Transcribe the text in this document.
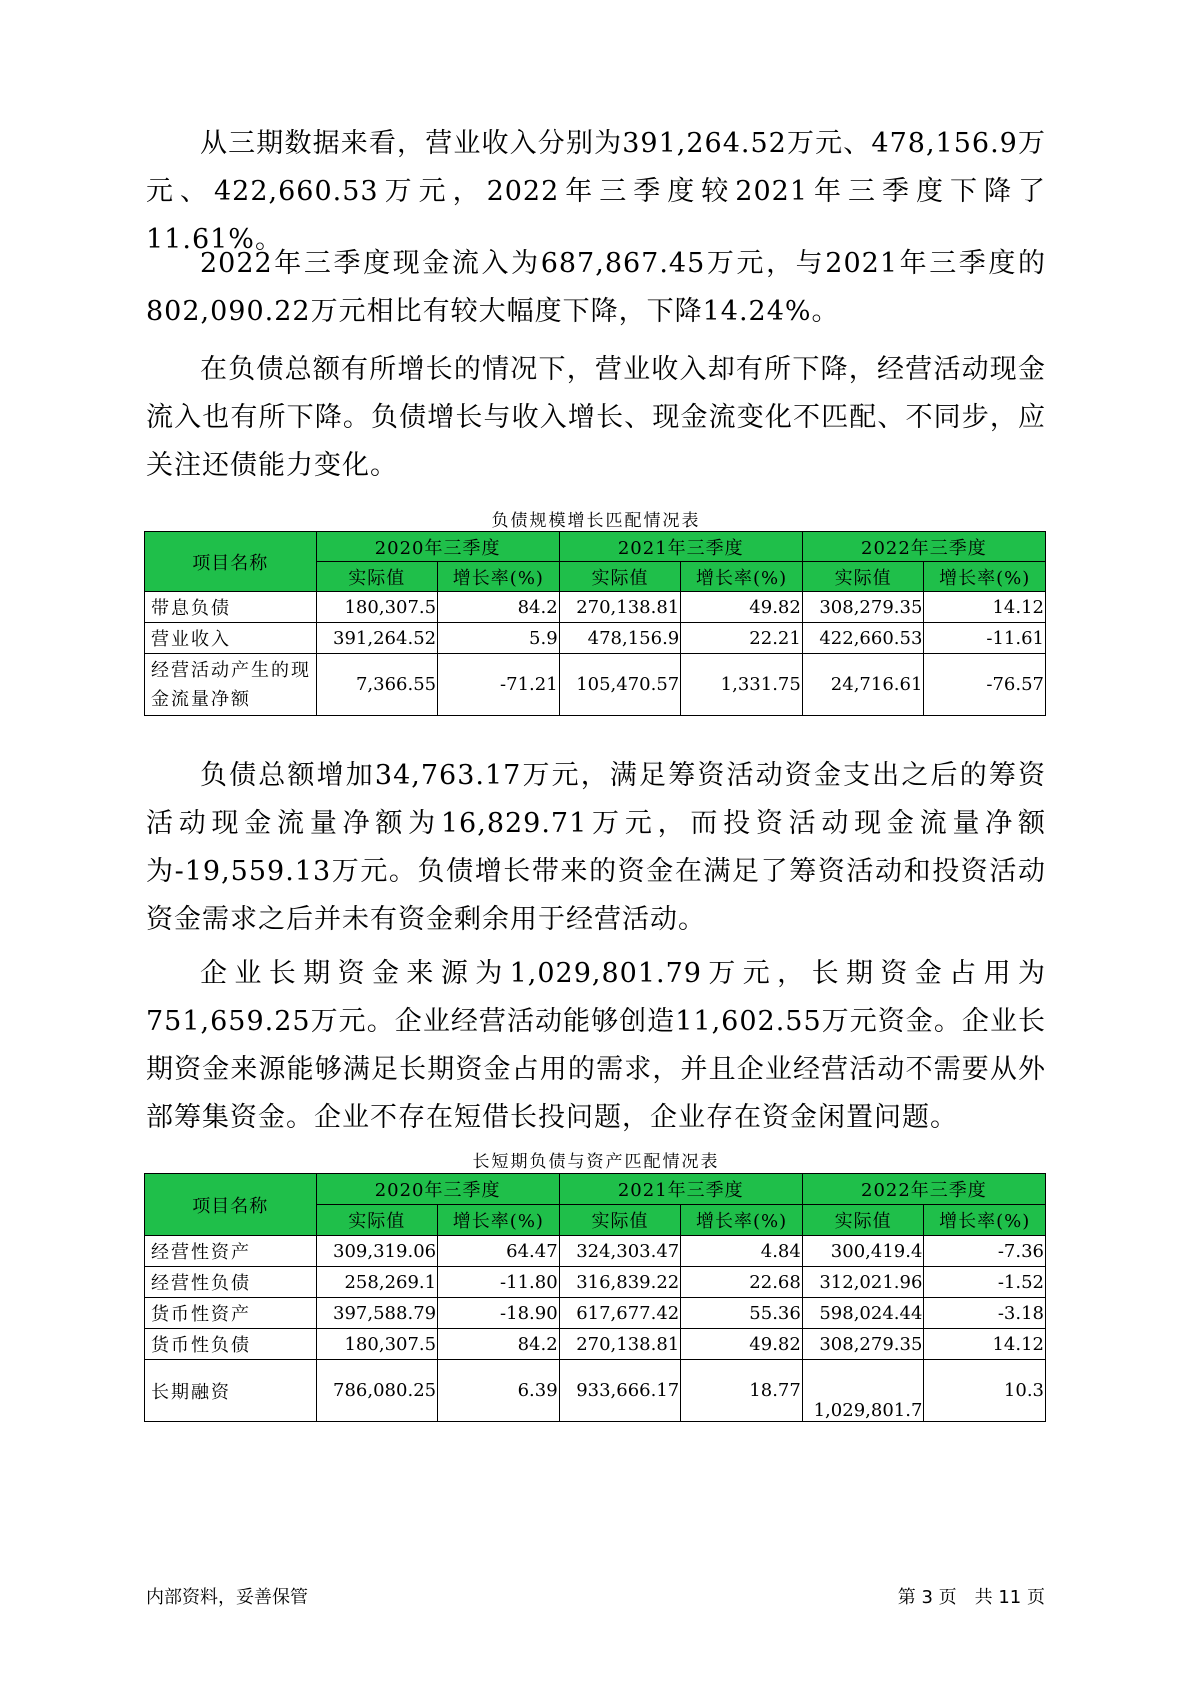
从三期数据来看，营业收入分别为391,264.52万元、478,156.9万元、422,660.53万元，2022年三季度较2021年三季度下降了11.61%。

2022年三季度现金流入为687,867.45万元，与2021年三季度的802,090.22万元相比有较大幅度下降，下降14.24%。

在负债总额有所增长的情况下，营业收入却有所下降，经营活动现金流入也有所下降。负债增长与收入增长、现金流变化不匹配、不同步，应关注还债能力变化。

负债规模增长匹配情况表
项目名称	2020年三季度		2021年三季度		2022年三季度	
	实际值	增长率(%)	实际值	增长率(%)	实际值	增长率(%)
带息负债	180,307.5	84.2	270,138.81	49.82	308,279.35	14.12
营业收入	391,264.52	5.9	478,156.9	22.21	422,660.53	-11.61
经营活动产生的现金流量净额	7,366.55	-71.21	105,470.57	1,331.75	24,716.61	-76.57

负债总额增加34,763.17万元，满足筹资活动资金支出之后的筹资活动现金流量净额为16,829.71万元，而投资活动现金流量净额为-19,559.13万元。负债增长带来的资金在满足了筹资活动和投资活动资金需求之后并未有资金剩余用于经营活动。

企业长期资金来源为1,029,801.79万元，长期资金占用为751,659.25万元。企业经营活动能够创造11,602.55万元资金。企业长期资金来源能够满足长期资金占用的需求，并且企业经营活动不需要从外部筹集资金。企业不存在短借长投问题，企业存在资金闲置问题。

长短期负债与资产匹配情况表
项目名称	2020年三季度		2021年三季度		2022年三季度	
	实际值	增长率(%)	实际值	增长率(%)	实际值	增长率(%)
经营性资产	309,319.06	64.47	324,303.47	4.84	300,419.4	-7.36
经营性负债	258,269.1	-11.80	316,839.22	22.68	312,021.96	-1.52
货币性资产	397,588.79	-18.90	617,677.42	55.36	598,024.44	-3.18
货币性负债	180,307.5	84.2	270,138.81	49.82	308,279.35	14.12
长期融资	786,080.25	6.39	933,666.17	18.77	1,029,801.7	10.3
内部资料，妥善保管	第 3 页　共 11 页
